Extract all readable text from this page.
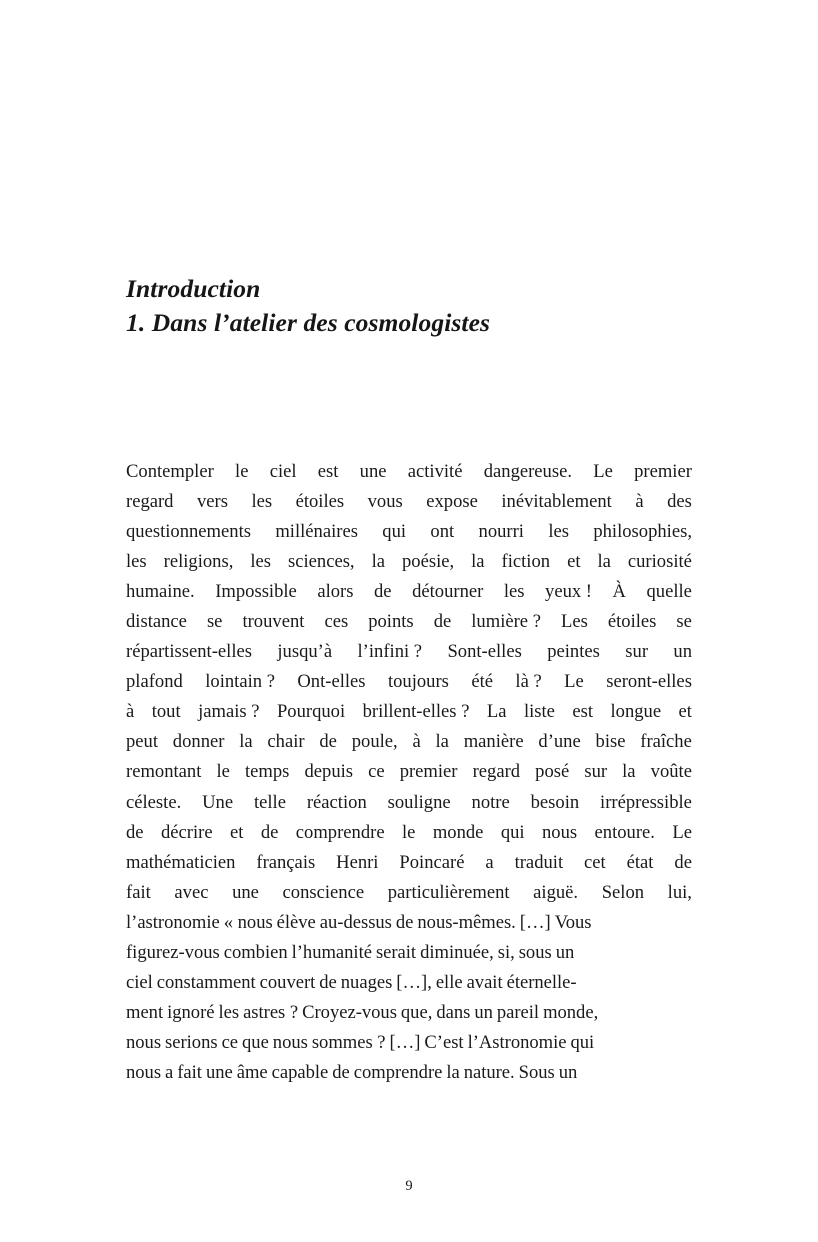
Introduction
1. Dans l’atelier des cosmologistes
Contempler le ciel est une activité dangereuse. Le premier
regard vers les étoiles vous expose inévitablement à des
questionnements millénaires qui ont nourri les philosophies,
les religions, les sciences, la poésie, la fiction et la curiosité
humaine. Impossible alors de détourner les yeux ! À quelle
distance se trouvent ces points de lumière ? Les étoiles se
répartissent-elles jusqu’à l’infini ? Sont-elles peintes sur un
plafond lointain ? Ont-elles toujours été là ? Le seront-elles
à tout jamais ? Pourquoi brillent-elles ? La liste est longue et
peut donner la chair de poule, à la manière d’une bise fraîche
remontant le temps depuis ce premier regard posé sur la voûte
céleste. Une telle réaction souligne notre besoin irrépressible
de décrire et de comprendre le monde qui nous entoure. Le
mathématicien français Henri Poincaré a traduit cet état de
fait avec une conscience particulièrement aiguë. Selon lui,
l’astronomie « nous élève au-dessus de nous-mêmes. […] Vous
figurez-vous combien l’humanité serait diminuée, si, sous un
ciel constamment couvert de nuages […], elle avait éternelle-
ment ignoré les astres ? Croyez-vous que, dans un pareil monde,
nous serions ce que nous sommes ? […] C’est l’Astronomie qui
nous a fait une âme capable de comprendre la nature. Sous un
9
